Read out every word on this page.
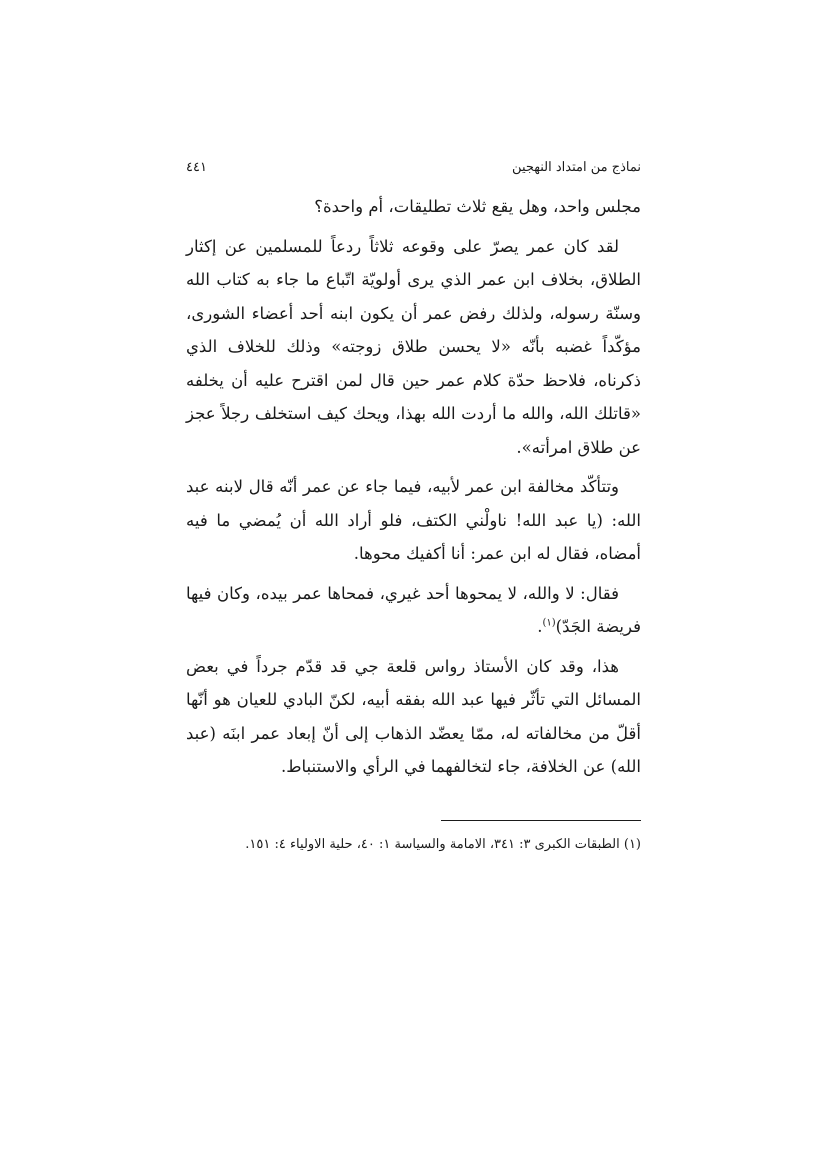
نماذج من امتداد النهجين
٤٤١

مجلس واحد، وهل يقع ثلاث تطليقات، أم واحدة؟

لقد كان عمر يصرّ على وقوعه ثلاثاً ردعاً للمسلمين عن إكثار الطلاق، بخلاف ابن عمر الذي يرى أولويّة اتّباع ما جاء به كتاب الله وسنّة رسوله، ولذلك رفض عمر أن يكون ابنه أحد أعضاء الشورى، مؤكّداً غضبه بأنّه «لا يحسن طلاق زوجته» وذلك للخلاف الذي ذكرناه، فلاحظ حدّة كلام عمر حين قال لمن اقترح عليه أن يخلفه «قاتلك الله، والله ما أردت الله بهذا، ويحك كيف استخلف رجلاً عجز عن طلاق امرأته».

وتتأكّد مخالفة ابن عمر لأبيه، فيما جاء عن عمر أنّه قال لابنه عبد الله: (يا عبد الله! ناولْني الكتف، فلو أراد الله أن يُمضي ما فيه أمضاه، فقال له ابن عمر: أنا أكفيك محوها.

فقال: لا والله، لا يمحوها أحد غيري، فمحاها عمر بيده، وكان فيها فريضة الجَدّ)$^{(١)}$.

هذا، وقد كان الأستاذ رواس قلعة جي قد قدّم جرداً في بعض المسائل التي تأثّر فيها عبد الله بفقه أبيه، لكنّ البادي للعيان هو أنّها أقلّ من مخالفاته له، ممّا يعضّد الذهاب إلى أنّ إبعاد عمر ابنَه (عبد الله) عن الخلافة، جاء لتخالفهما في الرأي والاستنباط.

(١) الطبقات الكبرى ٣: ٣٤١، الامامة والسياسة ١: ٤٠، حلية الاولياء ٤: ١٥١.
